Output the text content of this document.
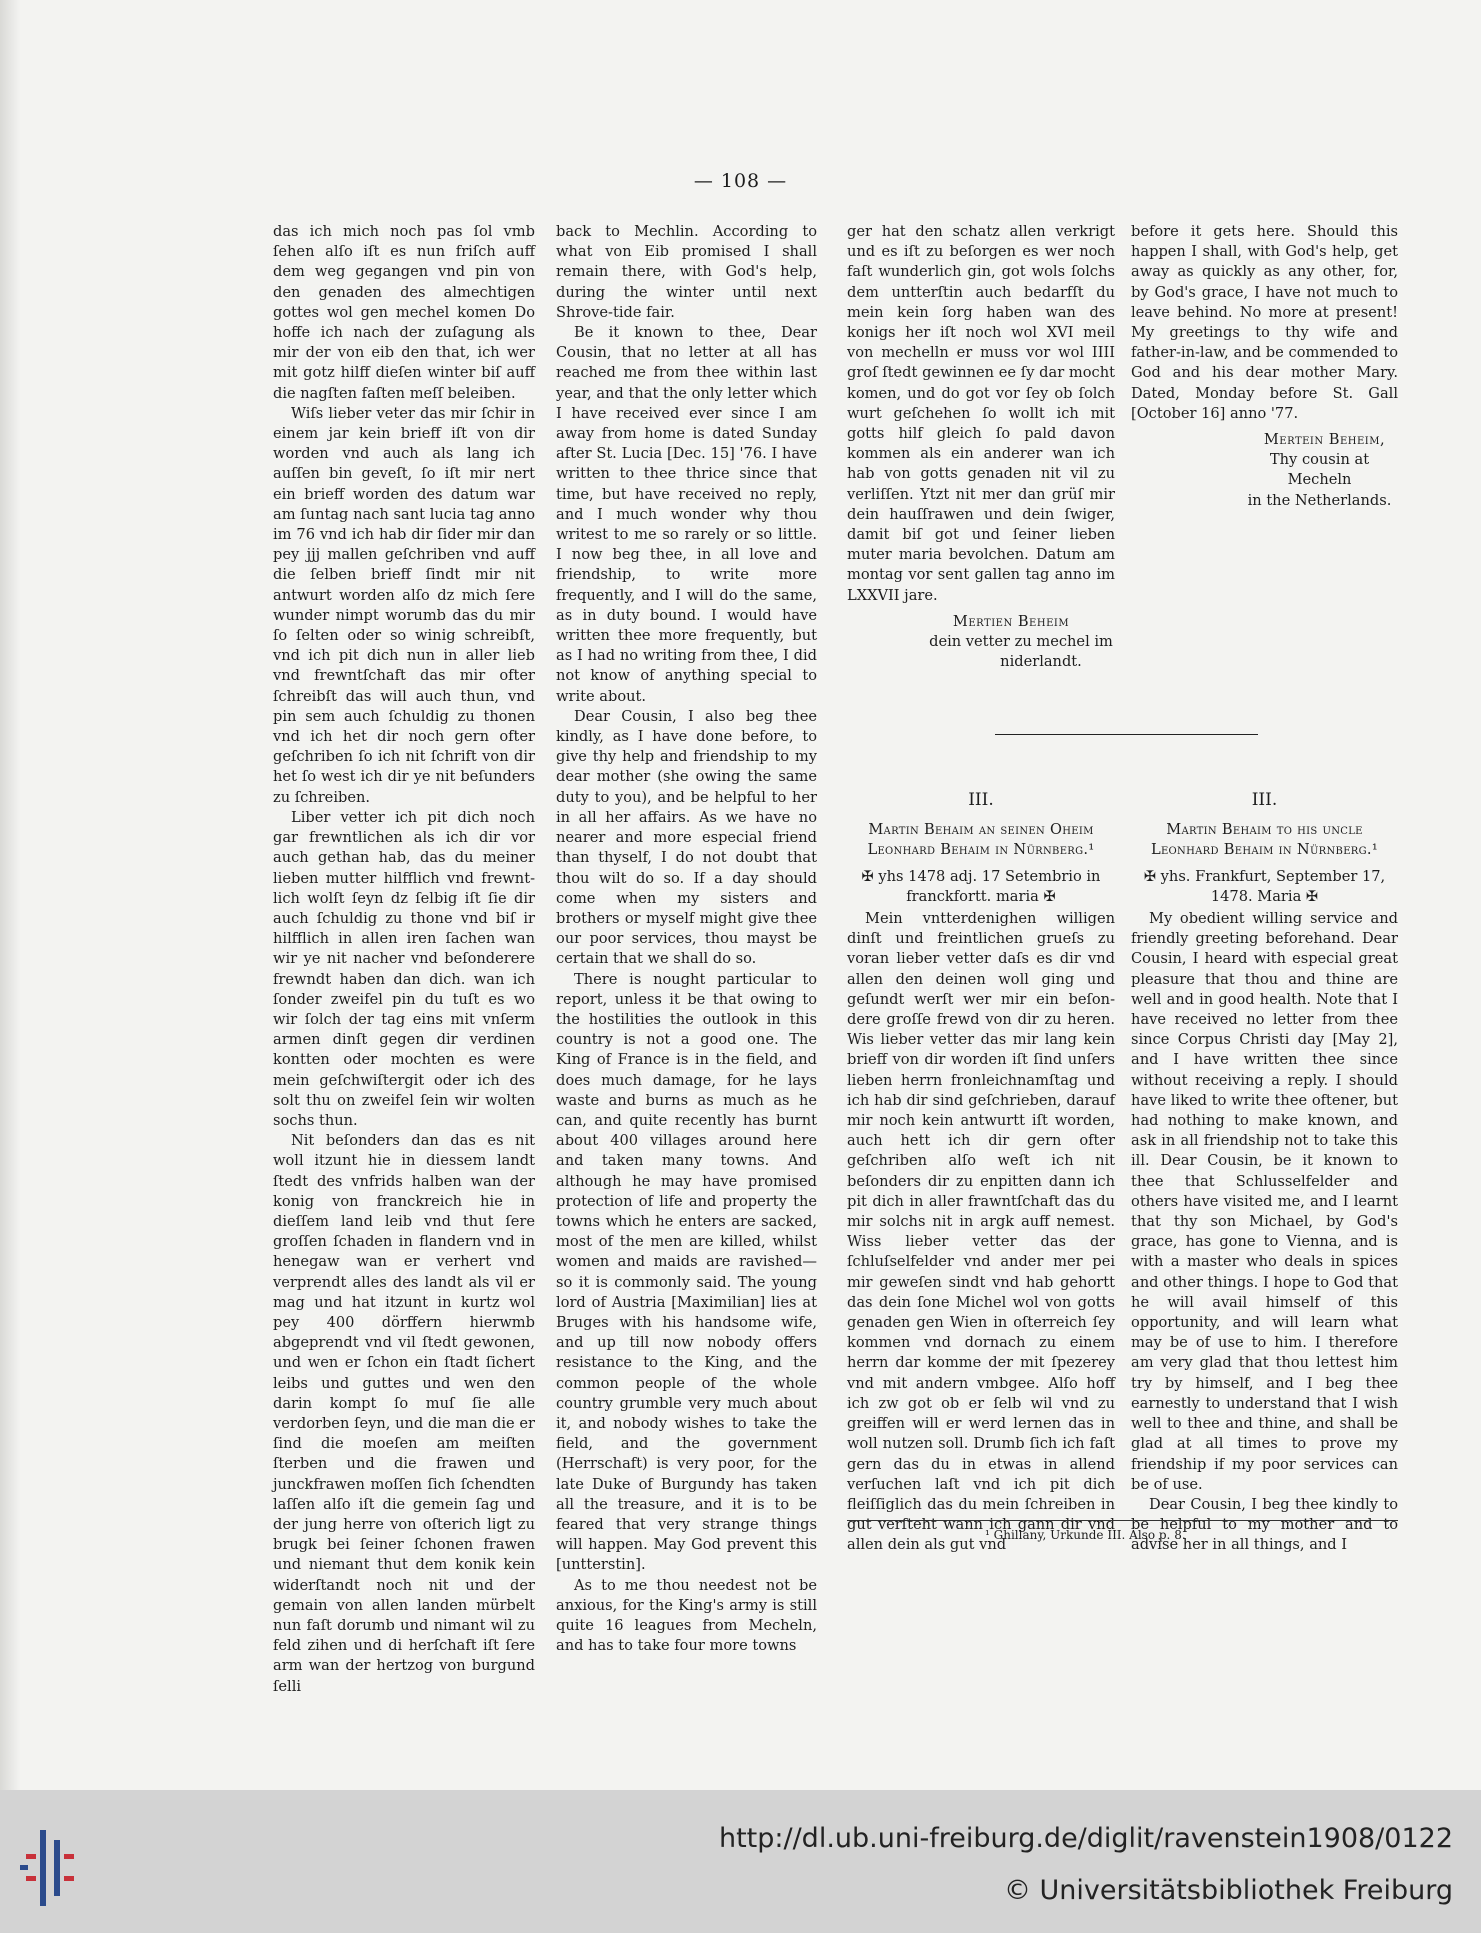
— 108 —

das ich mich noch pas ſol vmb ſehen alſo iſt es nun friſch auff dem weg gegangen vnd pin von den genaden des almechtigen gottes wol gen mechel komen Do hoffe ich nach der zuſagung als mir der von eib den that, ich wer mit gotz hilff dieſen winter biſ auff die nagſten faſten meſſ beleiben.

Wiſs lieber veter das mir ſchir in einem jar kein brieff iſt von dir worden vnd auch als lang ich auſſen bin geveſt, ſo iſt mir nert ein brieff worden des datum war am ſuntag nach sant lucia tag anno im 76 vnd ich hab dir ſider mir dan pey jjj mallen geſchriben vnd auff die ſelben brieff ſindt mir nit antwurt worden alſo dz mich ſere wunder nimpt worumb das du mir ſo ſelten oder so winig schreibſt, vnd ich pit dich nun in aller lieb vnd frewntſchaft das mir ofter ſchreibſt das will auch thun, vnd pin sem auch ſchuldig zu thonen vnd ich het dir noch gern ofter geſchriben ſo ich nit ſchrift von dir het ſo west ich dir ye nit beſunders zu ſchreiben.

Liber vetter ich pit dich noch gar frewntlichen als ich dir vor auch gethan hab, das du meiner lieben mutter hilfflich vnd frewntlich wolſt ſeyn dz ſelbig iſt ſie dir auch ſchuldig zu thone vnd biſ ir hilfflich in allen iren ſachen wan wir ye nit nacher vnd beſonderere frewndt haben dan dich. wan ich ſonder zweifel pin du tuſt es wo wir ſolch der tag eins mit vnſerm armen dinſt gegen dir verdinen kontten oder mochten es were mein geſchwiſtergit oder ich des solt thu on zweifel ſein wir wolten sochs thun.

Nit beſonders dan das es nit woll itzunt hie in diessem landt ſtedt des vnfrids halben wan der konig von franckreich hie in dieſſem land leib vnd thut ſere groſſen ſchaden in flandern vnd in henegaw wan er verhert vnd verprendt alles des landt als vil er mag und hat itzunt in kurtz wol pey 400 dörffern hierwmb abgeprendt vnd vil ſtedt gewonen, und wen er ſchon ein ſtadt ſichert leibs und guttes und wen den darin kompt ſo muſ ſie alle verdorben ſeyn, und die man die er ſind die moeſen am meiſten ſterben und die frawen und junckfrawen moſſen ſich ſchendten laſſen alſo iſt die gemein ſag und der jung herre von oſterich ligt zu brugk bei ſeiner ſchonen frawen und niemant thut dem konik kein widerſtandt noch nit und der gemain von allen landen mürbelt nun faſt dorumb und nimant wil zu feld zihen und di herſchaft iſt ſere arm wan der hertzog von burgund ſelli

back to Mechlin. According to what von Eib promised I shall remain there, with God's help, during the winter until next Shrove-tide fair.

Be it known to thee, Dear Cousin, that no letter at all has reached me from thee within last year, and that the only letter which I have received ever since I am away from home is dated Sunday after St. Lucia [Dec. 15] '76. I have written to thee thrice since that time, but have received no reply, and I much wonder why thou writest to me so rarely or so little. I now beg thee, in all love and friendship, to write more frequently, and I will do the same, as in duty bound. I would have written thee more frequently, but as I had no writing from thee, I did not know of anything special to write about.

Dear Cousin, I also beg thee kindly, as I have done before, to give thy help and friendship to my dear mother (she owing the same duty to you), and be helpful to her in all her affairs. As we have no nearer and more especial friend than thyself, I do not doubt that thou wilt do so. If a day should come when my sisters and brothers or myself might give thee our poor services, thou mayst be certain that we shall do so.

There is nought particular to report, unless it be that owing to the hostilities the outlook in this country is not a good one. The King of France is in the field, and does much damage, for he lays waste and burns as much as he can, and quite recently has burnt about 400 villages around here and taken many towns. And although he may have promised protection of life and property the towns which he enters are sacked, most of the men are killed, whilst women and maids are ravished—so it is commonly said. The young lord of Austria [Maximilian] lies at Bruges with his handsome wife, and up till now nobody offers resistance to the King, and the common people of the whole country grumble very much about it, and nobody wishes to take the field, and the government (Herrschaft) is very poor, for the late Duke of Burgundy has taken all the treasure, and it is to be feared that very strange things will happen. May God prevent this [untterstin].

As to me thou needest not be anxious, for the King's army is still quite 16 leagues from Mecheln, and has to take four more towns

ger hat den schatz allen verkrigt und es iſt zu beſorgen es wer noch faſt wunderlich gin, got wols ſolchs dem untterſtin auch bedarfſt du mein kein ſorg haben wan des konigs her iſt noch wol XVI meil von mechelln er muss vor wol IIII groſ ſtedt gewinnen ee ſy dar mocht komen, und do got vor ſey ob ſolch wurt geſchehen ſo wollt ich mit gotts hilf gleich ſo pald davon kommen als ein anderer wan ich hab von gotts genaden nit vil zu verliſſen. Ytzt nit mer dan grüſ mir dein hauſſrawen und dein ſwiger, damit biſ got und ſeiner lieben muter maria bevolchen. Datum am montag vor sent gallen tag anno im LXXVII jare.

Mertien Beheim
dein vetter zu mechel im
niderlandt.

before it gets here. Should this happen I shall, with God's help, get away as quickly as any other, for, by God's grace, I have not much to leave behind. No more at present! My greetings to thy wife and father-in-law, and be commended to God and his dear mother Mary. Dated, Monday before St. Gall [October 16] anno '77.

Mertein Beheim,
Thy cousin at Mecheln
in the Netherlands.
III.
Martin Behaim an seinen Oheim
Leonhard Behaim in Nürnberg.¹
✠ yhs 1478 adj. 17 Setembrio in
franckfortt. maria ✠

Mein vntterdenighen willigen dinſt und freintlichen grueſs zu voran lieber vetter daſs es dir vnd allen den deinen woll ging und geſundt werſt wer mir ein beſondere groſſe frewd von dir zu heren. Wis lieber vetter das mir lang kein brieff von dir worden iſt ſind unſers lieben herrn fronleichnamſtag und ich hab dir sind geſchrieben, darauf mir noch kein antwurtt iſt worden, auch hett ich dir gern ofter geſchriben alſo weſt ich nit beſonders dir zu enpitten dann ich pit dich in aller frawntſchaft das du mir solchs nit in argk auff nemest. Wiss lieber vetter das der ſchluſselfelder vnd ander mer pei mir geweſen sindt vnd hab gehortt das dein ſone Michel wol von gotts genaden gen Wien in oſterreich ſey kommen vnd dornach zu einem herrn dar komme der mit ſpezerey vnd mit andern vmbgee. Alſo hoff ich zw got ob er ſelb wil vnd zu greiffen will er werd lernen das in woll nutzen soll. Drumb ſich ich faſt gern das du in etwas in allend verſuchen laſt vnd ich pit dich fleiſſiglich das du mein ſchreiben in gut verſteht wann ich gann dir vnd allen dein als gut vnd

III.
Martin Behaim to his uncle
Leonhard Behaim in Nürnberg.¹
✠ yhs. Frankfurt, September 17,
1478. Maria ✠

My obedient willing service and friendly greeting beforehand. Dear Cousin, I heard with especial great pleasure that thou and thine are well and in good health. Note that I have received no letter from thee since Corpus Christi day [May 2], and I have written thee since without receiving a reply. I should have liked to write thee oftener, but had nothing to make known, and ask in all friendship not to take this ill. Dear Cousin, be it known to thee that Schlusselfelder and others have visited me, and I learnt that thy son Michael, by God's grace, has gone to Vienna, and is with a master who deals in spices and other things. I hope to God that he will avail himself of this opportunity, and will learn what may be of use to him. I therefore am very glad that thou lettest him try by himself, and I beg thee earnestly to understand that I wish well to thee and thine, and shall be glad at all times to prove my friendship if my poor services can be of use.

Dear Cousin, I beg thee kindly to be helpful to my mother and to advise her in all things, and I

¹ Ghillany, Urkunde III. Also p. 8.
http://dl.ub.uni-freiburg.de/diglit/ravenstein1908/0122
© Universitätsbibliothek Freiburg
